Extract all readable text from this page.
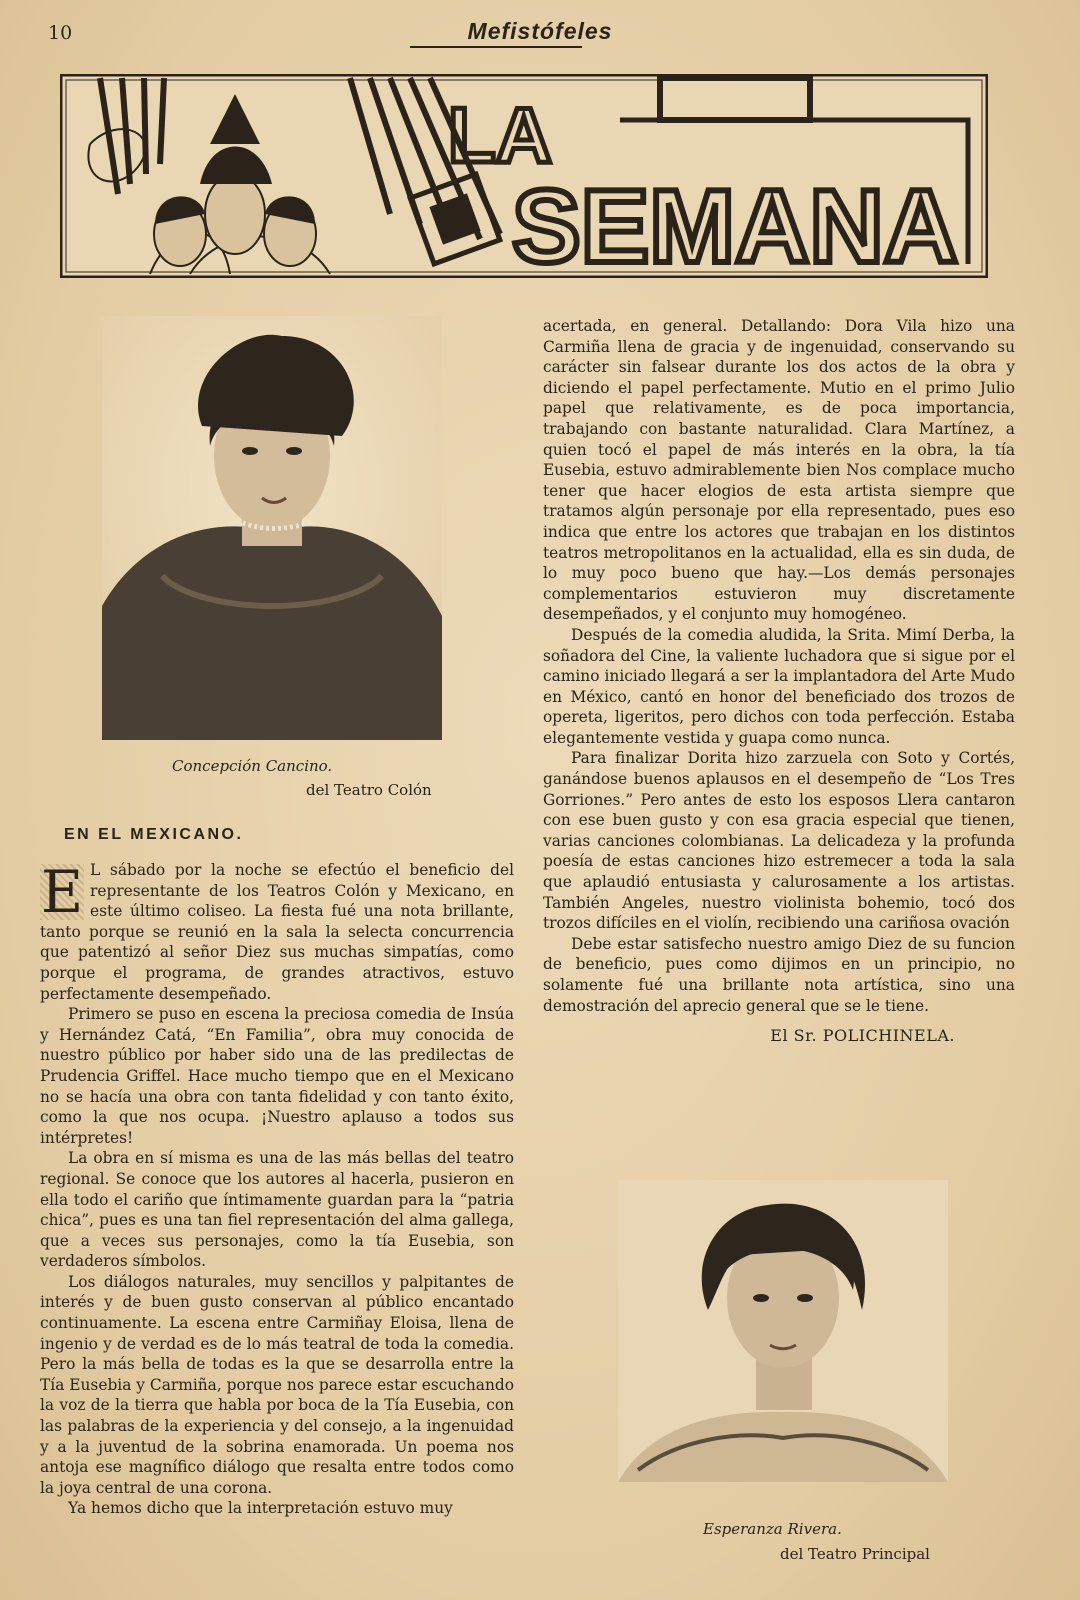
10	Mefistófeles
LA
SEMANA
Concepción Cancino.
del Teatro Colón
Esperanza Rivera.
del Teatro Principal
EN EL MEXICANO.

E L sábado por la noche se efectúo el beneficio del representante de los Teatros Colón y Mexicano, en este último coliseo. La fiesta fué una nota brillante, tanto porque se reunió en la sala la selecta concurrencia que patentizó al señor Diez sus muchas simpatías, como porque el programa, de grandes atractivos, estuvo perfectamente desempeñado.

Primero se puso en escena la preciosa comedia de Insúa y Hernández Catá, “En Familia”, obra muy conocida de nuestro público por haber sido una de las predilectas de Prudencia Griffel. Hace mucho tiempo que en el Mexicano no se hacía una obra con tanta fidelidad y con tanto éxito, como la que nos ocupa. ¡Nuestro aplauso a todos sus intérpretes!

La obra en sí misma es una de las más bellas del teatro regional. Se conoce que los autores al hacerla, pusieron en ella todo el cariño que íntimamente guardan para la “patria chica”, pues es una tan fiel representación del alma gallega, que a veces sus personajes, como la tía Eusebia, son verdaderos símbolos.

Los diálogos naturales, muy sencillos y palpitantes de interés y de buen gusto conservan al público encantado continuamente. La escena entre Carmiñay Eloisa, llena de ingenio y de verdad es de lo más teatral de toda la comedia. Pero la más bella de todas es la que se desarrolla entre la Tía Eusebia y Carmiña, porque nos parece estar escuchando la voz de la tierra que habla por boca de la Tía Eusebia, con las palabras de la experiencia y del consejo, a la ingenuidad y a la juventud de la sobrina enamorada. Un poema nos antoja ese magnífico diálogo que resalta entre todos como la joya central de una corona.

Ya hemos dicho que la interpretación estuvo muy

acertada, en general. Detallando: Dora Vila hizo una Carmiña llena de gracia y de ingenuidad, conservando su carácter sin falsear durante los dos actos de la obra y diciendo el papel perfectamente. Mutio en el primo Julio papel que relativamente, es de poca importancia, trabajando con bastante naturalidad. Clara Martínez, a quien tocó el papel de más interés en la obra, la tía Eusebia, estuvo admirablemente bien Nos complace mucho tener que hacer elogios de esta artista siempre que tratamos algún personaje por ella representado, pues eso indica que entre los actores que trabajan en los distintos teatros metropolitanos en la actualidad, ella es sin duda, de lo muy poco bueno que hay.—Los demás personajes complementarios estuvieron muy discretamente desempeñados, y el conjunto muy homogéneo.

Después de la comedia aludida, la Srita. Mimí Derba, la soñadora del Cine, la valiente luchadora que si sigue por el camino iniciado llegará a ser la implantadora del Arte Mudo en México, cantó en honor del beneficiado dos trozos de opereta, ligeritos, pero dichos con toda perfección. Estaba elegantemente vestida y guapa como nunca.

Para finalizar Dorita hizo zarzuela con Soto y Cortés, ganándose buenos aplausos en el desempeño de “Los Tres Gorriones.” Pero antes de esto los esposos Llera cantaron con ese buen gusto y con esa gracia especial que tienen, varias canciones colombianas. La delicadeza y la profunda poesía de estas canciones hizo estremecer a toda la sala que aplaudió entusiasta y calurosamente a los artistas. También Angeles, nuestro violinista bohemio, tocó dos trozos difíciles en el violín, recibiendo una cariñosa ovación

Debe estar satisfecho nuestro amigo Diez de su funcion de beneficio, pues como dijimos en un principio, no solamente fué una brillante nota artística, sino una demostración del aprecio general que se le tiene.

El Sr. POLICHINELA.
